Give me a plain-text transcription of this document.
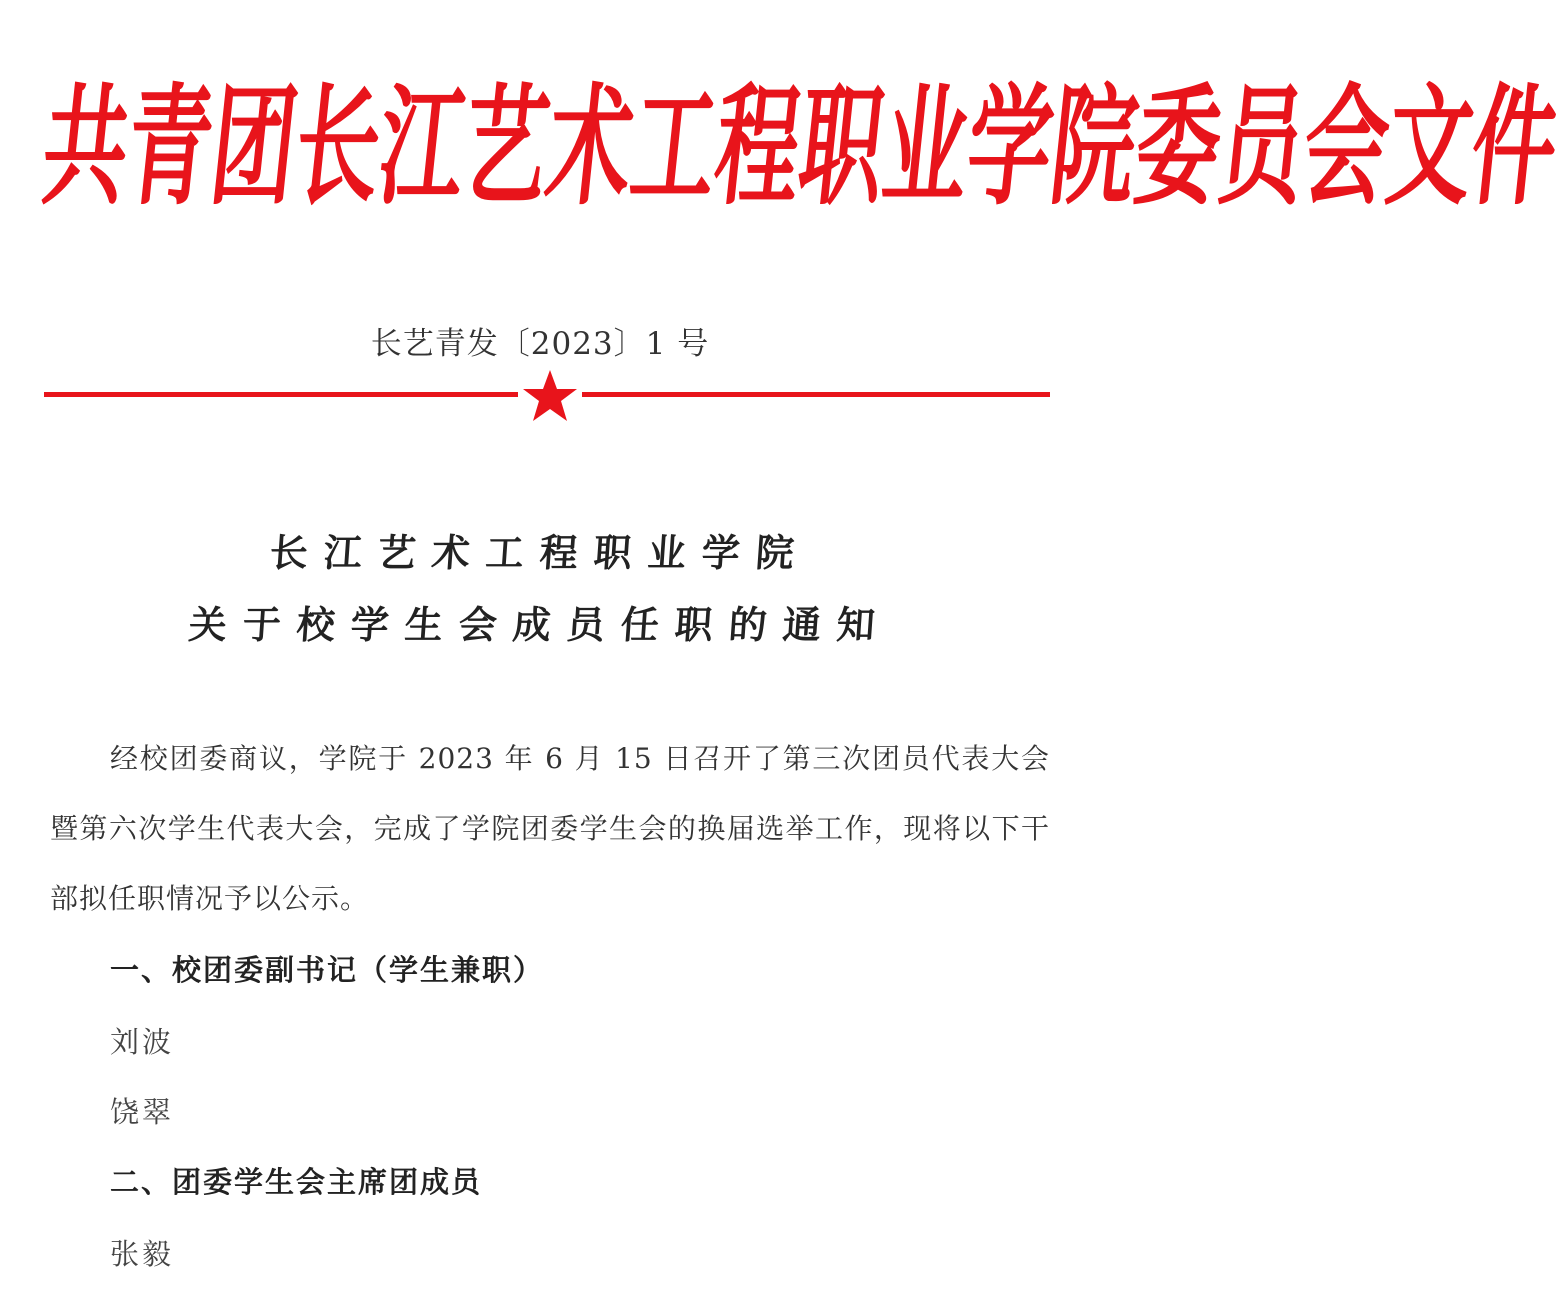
共
青
团
长
江
艺
术
工
程
职
业
学
院
委
员
会
文
件
长艺青发〔2023〕1 号
长江艺术工程职业学院
关于校学生会成员任职的通知
经校团委商议，学院于 2023 年 6 月 15 日召开了第三次团员代表大会暨第六次学生代表大会，完成了学院团委学生会的换届选举工作，现将以下干部拟任职情况予以公示。
一、校团委副书记（学生兼职）
刘波
饶翠
二、团委学生会主席团成员
张毅
